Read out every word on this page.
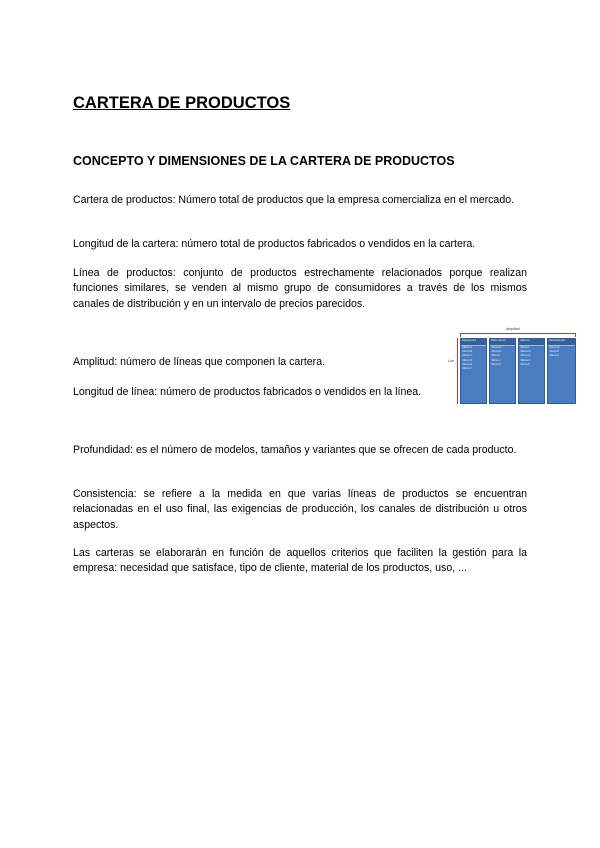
CARTERA DE PRODUCTOS
CONCEPTO Y DIMENSIONES DE LA CARTERA DE PRODUCTOS
Cartera de productos: Número total de productos que la empresa comercializa en el mercado.
Longitud de la cartera: número total de productos fabricados o vendidos en la cartera.
Línea de productos: conjunto de productos estrechamente relacionados porque realizan funciones similares, se venden al mismo grupo de consumidores a través de los mismos canales de distribución y en un intervalo de precios parecidos.
Amplitud: número de líneas que componen la cartera.
Longitud de línea: número de productos fabricados o vendidos en la línea.
Profundidad: es el número de modelos, tamaños y variantes que se ofrecen de cada producto.
Consistencia: se refiere a la medida en que varias líneas de productos se encuentran relacionadas en el uso final, las exigencias de producción, los canales de distribución u otros aspectos.
Las carteras se elaborarán en función de aquellos criterios que faciliten la gestión para la empresa: necesidad que satisface, tipo de cliente, material de los productos, uso, ...
Amplitud
Lon
Detergentes
Marca A
Marca B
Marca C
Marca D
Marca E
Marca F
Pasta dental
Marca G
Marca H
Marca I
Marca J
Marca K
Jabones
Marca L
Marca M
Marca N
Marca O
Marca P
Desodorantes
Marca Q
Marca R
Marca S
